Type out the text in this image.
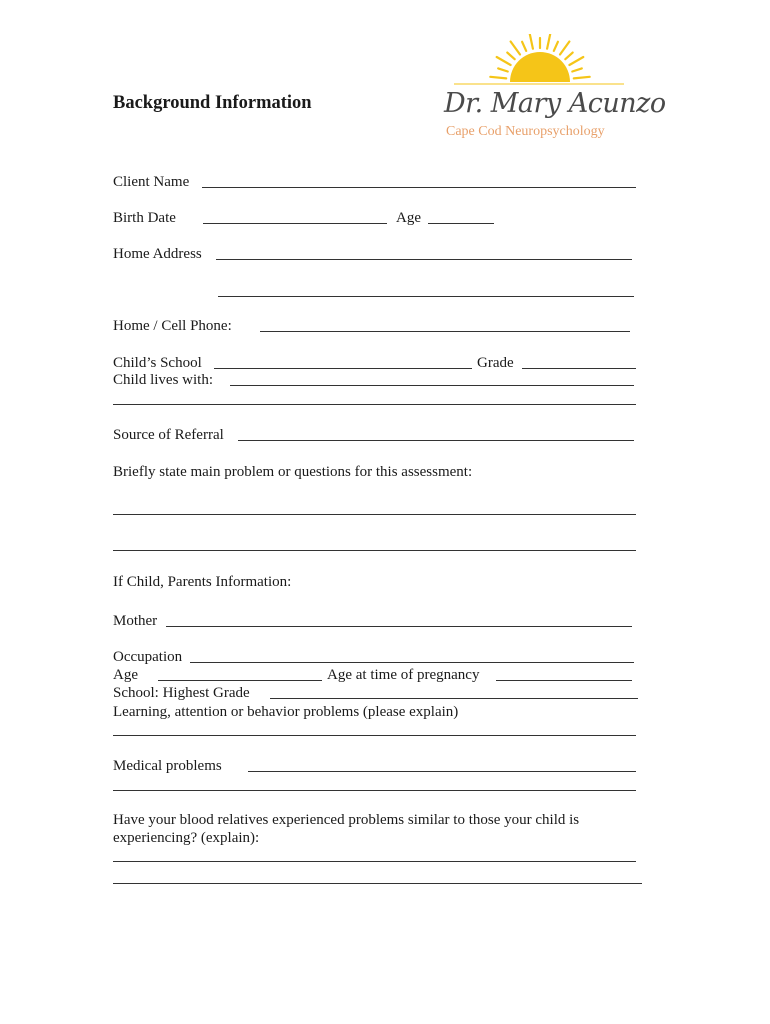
Background Information	Dr. Mary Acunzo
Cape Cod Neuropsychology
Client Name
Birth Date	Age
Home Address
Home / Cell Phone:
Child’s School	Grade
Child lives with:
Source of Referral
Briefly state main problem or questions for this assessment:
If Child, Parents Information:
Mother
Occupation
Age	Age at time of pregnancy
School: Highest Grade
Learning, attention or behavior problems (please explain)
Medical problems
Have your blood relatives experienced problems similar to those your child is
experiencing? (explain):
